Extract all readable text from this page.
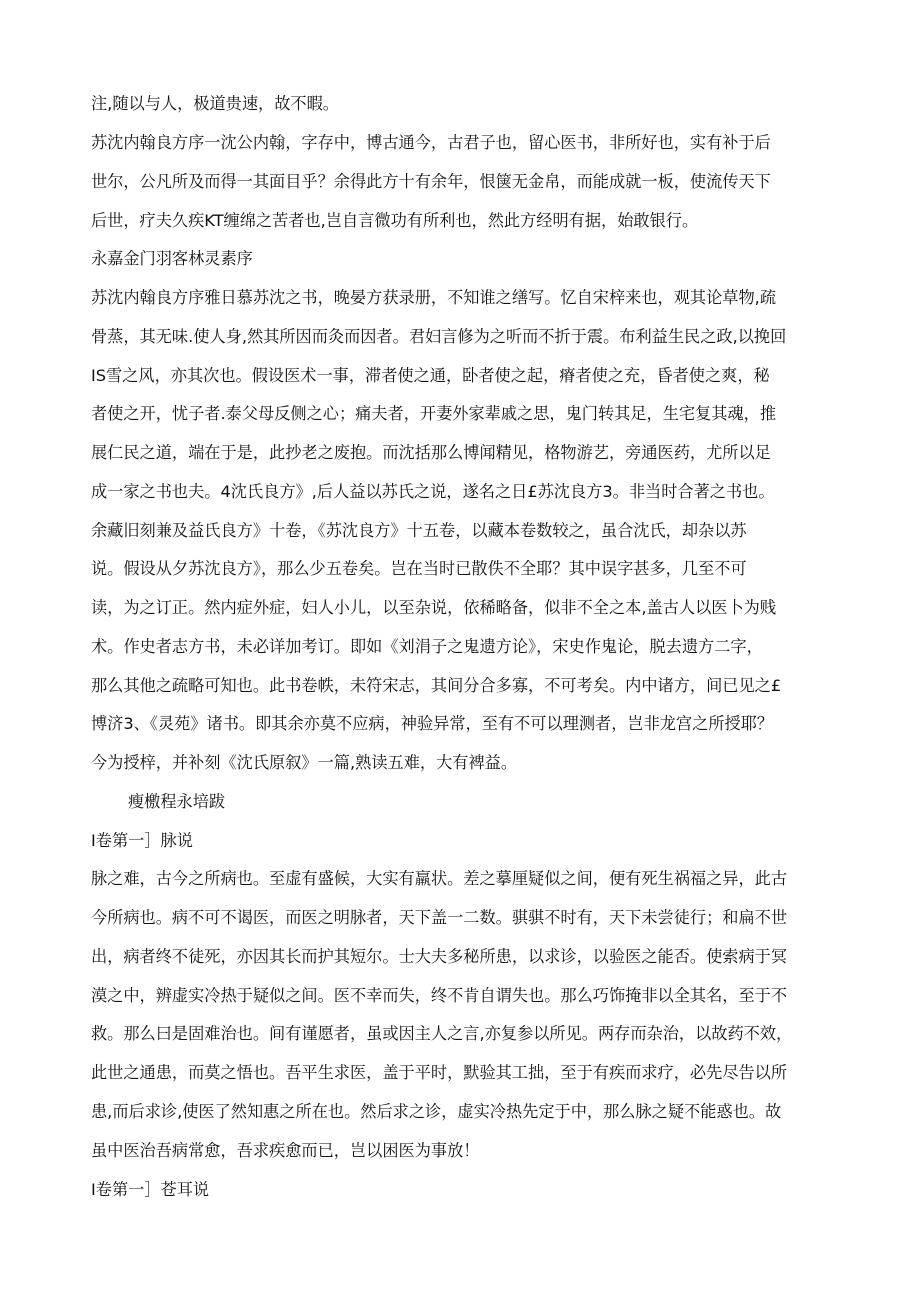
注,随以与人，极道贵速，故不暇。
苏沈内翰良方序一沈公内翰，字存中，博古通今，古君子也，留心医书，非所好也，实有补于后
世尔，公凡所及而得一其面目乎？余得此方十有余年，恨箧无金帛，而能成就一板，使流传天下
后世，疗夫久疾KT缠绵之苦者也,岂自言微功有所利也，然此方经明有据，始敢银行。
永嘉金门羽客林灵素序
苏沈内翰良方序雅日慕苏沈之书，晚晏方获录册，不知谁之缮写。忆自宋梓来也，观其论草物,疏
骨蒸，其无味.使人身,然其所因而灸而因者。君妇言修为之听而不折于震。布利益生民之政,以挽回
IS雪之风，亦其次也。假设医术一事，滞者使之通，卧者使之起，瘠者使之充，昏者使之爽，秘
者使之开，忧子者.泰父母反侧之心；痛夫者，开妻外家辈戚之思，鬼门转其足，生宅复其魂，推
展仁民之道，端在于是，此抄老之废抱。而沈括那么博闻精见，格物游艺，旁通医药，尤所以足
成一家之书也夫。4沈氏良方》,后人益以苏氏之说，遂名之日£苏沈良方3。非当时合著之书也。
余藏旧刻兼及益氏良方》十卷，《苏沈良方》十五卷，以藏本卷数较之，虽合沈氏，却杂以苏
说。假设从夕苏沈良方》，那么少五卷矣。岂在当时已散佚不全耶？其中误字甚多，几至不可
读，为之订正。然内症外症，妇人小儿，以至杂说，依稀略备，似非不全之本,盖古人以医卜为贱
术。作史者志方书，未必详加考订。即如《刘涓子之鬼遗方论》，宋史作鬼论，脱去遗方二字，
那么其他之疏略可知也。此书卷帙，未符宋志，其间分合多寡，不可考矣。内中诸方，间已见之£
博济3、《灵苑》诸书。即其余亦莫不应病，神验异常，至有不可以理测者，岂非龙宫之所授耶？
今为授梓，并补刻《沈氏原叙》一篇,熟读五难，大有裨益。
瘦檄程永培跋
I卷第一］脉说
脉之难，古今之所病也。至虚有盛候，大实有羸状。差之摹厘疑似之间，便有死生祸福之异，此古
今所病也。病不可不谒医，而医之明脉者，天下盖一二数。骐骐不时有，天下未尝徒行；和扁不世
出，病者终不徒死，亦因其长而护其短尔。士大夫多秘所患，以求诊，以验医之能否。使索病于冥
漠之中，辨虚实冷热于疑似之间。医不幸而失，终不肯自谓失也。那么巧饰掩非以全其名，至于不
救。那么曰是固难治也。间有谨愿者，虽或因主人之言,亦复参以所见。两存而杂治，以故药不效，
此世之通患，而莫之悟也。吾平生求医，盖于平时，默验其工拙，至于有疾而求疗，必先尽告以所
患,而后求诊,使医了然知惠之所在也。然后求之诊，虚实冷热先定于中，那么脉之疑不能惑也。故
虽中医治吾病常愈，吾求疾愈而已，岂以困医为事放！
I卷第一］苍耳说
